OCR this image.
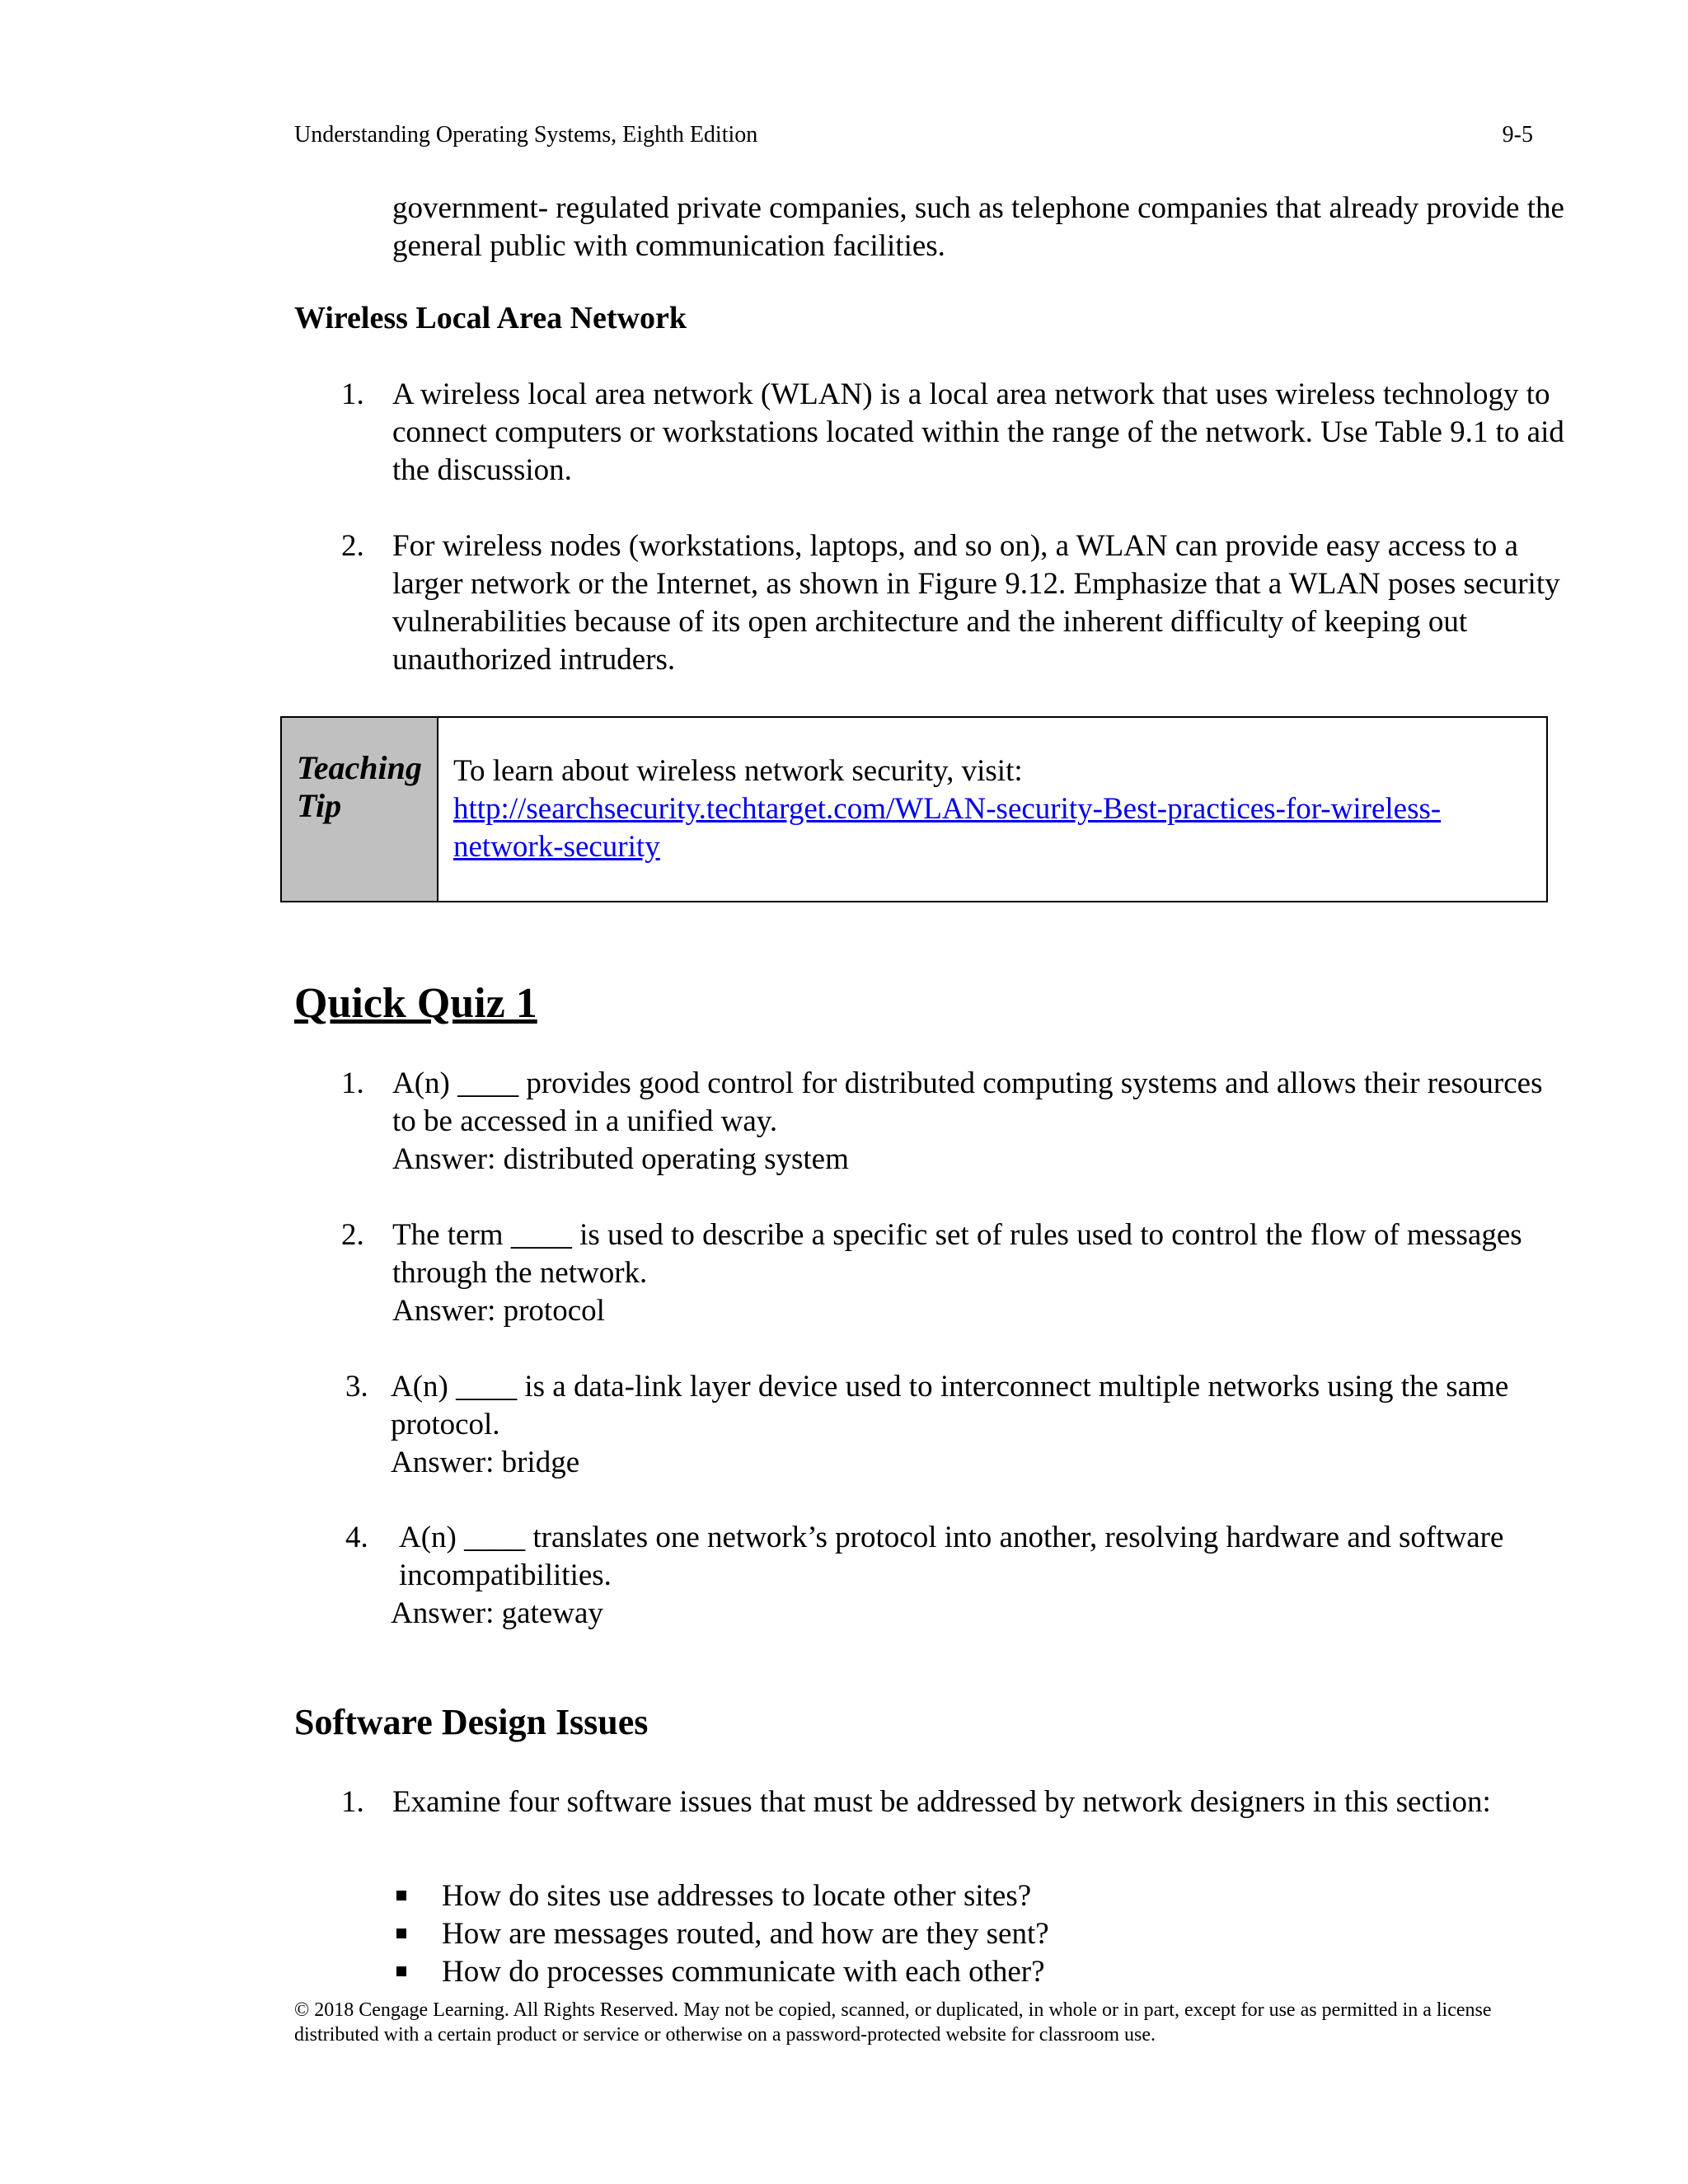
Understanding Operating Systems, Eighth Edition	9-5
government- regulated private companies, such as telephone companies that already provide the general public with communication facilities.
Wireless Local Area Network
1. A wireless local area network (WLAN) is a local area network that uses wireless technology to connect computers or workstations located within the range of the network. Use Table 9.1 to aid the discussion.
2. For wireless nodes (workstations, laptops, and so on), a WLAN can provide easy access to a larger network or the Internet, as shown in Figure 9.12. Emphasize that a WLAN poses security vulnerabilities because of its open architecture and the inherent difficulty of keeping out unauthorized intruders.
Teaching Tip
To learn about wireless network security, visit:
http://searchsecurity.techtarget.com/WLAN-security-Best-practices-for-wireless-network-security
Quick Quiz 1
1. A(n) ____ provides good control for distributed computing systems and allows their resources to be accessed in a unified way.
Answer: distributed operating system
2. The term ____ is used to describe a specific set of rules used to control the flow of messages through the network.
Answer: protocol
3. A(n) ____ is a data-link layer device used to interconnect multiple networks using the same protocol.
Answer: bridge
4. A(n) ____ translates one network’s protocol into another, resolving hardware and software incompatibilities.
Answer: gateway
Software Design Issues
1. Examine four software issues that must be addressed by network designers in this section:
How do sites use addresses to locate other sites?
How are messages routed, and how are they sent?
How do processes communicate with each other?
© 2018 Cengage Learning. All Rights Reserved. May not be copied, scanned, or duplicated, in whole or in part, except for use as permitted in a license distributed with a certain product or service or otherwise on a password-protected website for classroom use.
